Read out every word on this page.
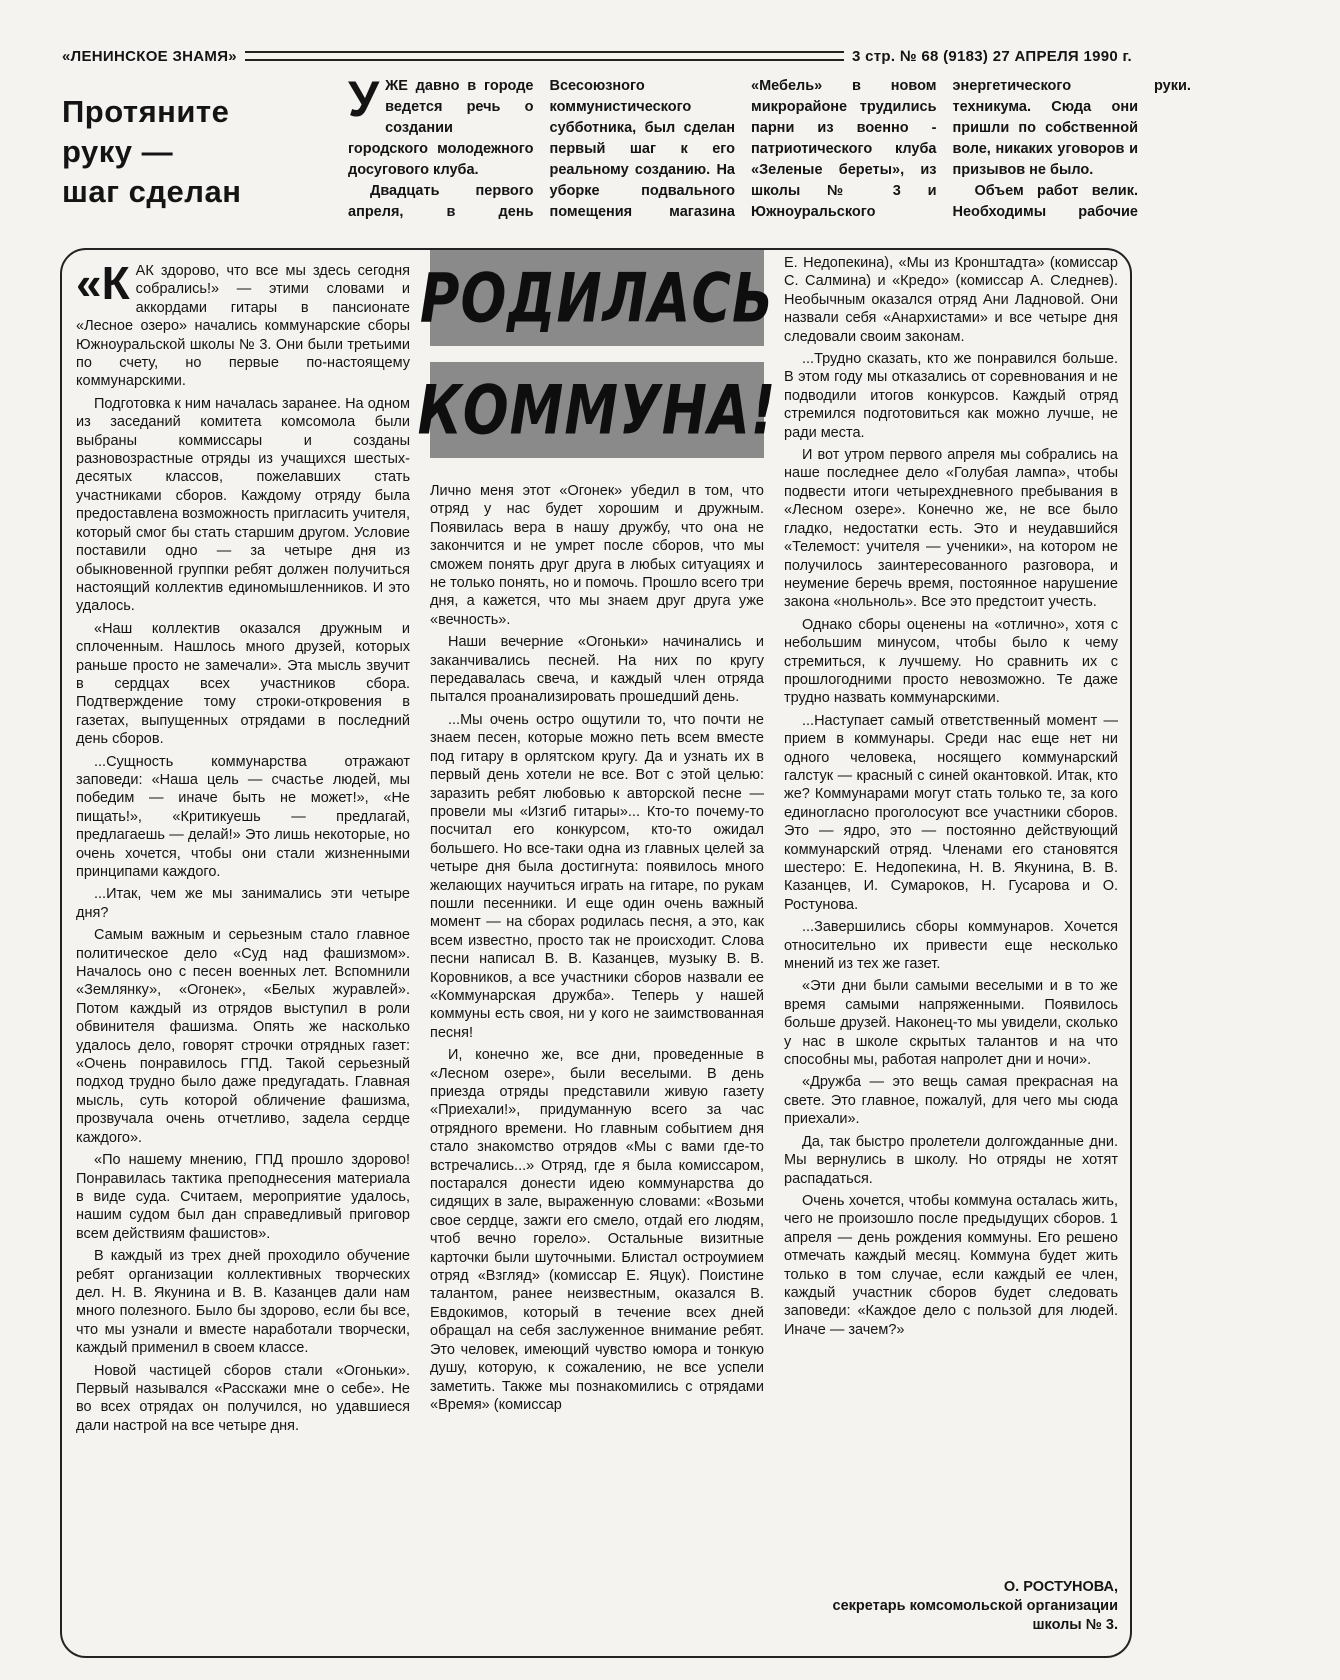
«ЛЕНИНСКОЕ ЗНАМЯ»	3 стр. № 68 (9183) 27 АПРЕЛЯ 1990 г.
Протяните
руку —
шаг сделан

УЖЕ давно в городе ведется речь о создании городского молодежного досугового клуба.

Двадцать первого апреля, в день Всесоюзного коммунистического субботника, был сделан первый шаг к его реальному созданию. На уборке подвального помещения магазина «Мебель» в новом микрорайоне трудились парни из военно - патриотического клуба «Зеленые береты», из школы № 3 и Южноуральского энергетического техникума. Сюда они пришли по собственной воле, никаких уговоров и призывов не было.

Объем работ велик. Необходимы рабочие руки.

РОДИЛАСЬ
КОММУНА!

«КАК здорово, что все мы здесь сегодня собрались!» — этими словами и аккордами гитары в пансионате «Лесное озеро» начались коммунарские сборы Южноуральской школы № 3. Они были третьими по счету, но первые по-настоящему коммунарскими.

Подготовка к ним началась заранее. На одном из заседаний комитета комсомола были выбраны коммиссары и созданы разновозрастные отряды из учащихся шестых-десятых классов, пожелавших стать участниками сборов. Каждому отряду была предоставлена возможность пригласить учителя, который смог бы стать старшим другом. Условие поставили одно — за четыре дня из обыкновенной группки ребят должен получиться настоящий коллектив единомышленников. И это удалось.

«Наш коллектив оказался дружным и сплоченным. Нашлось много друзей, которых раньше просто не замечали». Эта мысль звучит в сердцах всех участников сбора. Подтверждение тому строки-откровения в газетах, выпущенных отрядами в последний день сборов.

...Сущность коммунарства отражают заповеди: «Наша цель — счастье людей, мы победим — иначе быть не может!», «Не пищать!», «Критикуешь — предлагай, предлагаешь — делай!» Это лишь некоторые, но очень хочется, чтобы они стали жизненными принципами каждого.

...Итак, чем же мы занимались эти четыре дня?

Самым важным и серьезным стало главное политическое дело «Суд над фашизмом». Началось оно с песен военных лет. Вспомнили «Землянку», «Огонек», «Белых журавлей». Потом каждый из отрядов выступил в роли обвинителя фашизма. Опять же насколько удалось дело, говорят строчки отрядных газет: «Очень понравилось ГПД. Такой серьезный подход трудно было даже предугадать. Главная мысль, суть которой обличение фашизма, прозвучала очень отчетливо, задела сердце каждого».

«По нашему мнению, ГПД прошло здорово! Понравилась тактика преподнесения материала в виде суда. Считаем, мероприятие удалось, нашим судом был дан справедливый приговор всем действиям фашистов».

В каждый из трех дней проходило обучение ребят организации коллективных творческих дел. Н. В. Якунина и В. В. Казанцев дали нам много полезного. Было бы здорово, если бы все, что мы узнали и вместе наработали творчески, каждый применил в своем классе.

Новой частицей сборов стали «Огоньки». Первый назывался «Расскажи мне о себе». Не во всех отрядах он получился, но удавшиеся дали настрой на все четыре дня.

Лично меня этот «Огонек» убедил в том, что отряд у нас будет хорошим и дружным. Появилась вера в нашу дружбу, что она не закончится и не умрет после сборов, что мы сможем понять друг друга в любых ситуациях и не только понять, но и помочь. Прошло всего три дня, а кажется, что мы знаем друг друга уже «вечность».

Наши вечерние «Огоньки» начинались и заканчивались песней. На них по кругу передавалась свеча, и каждый член отряда пытался проанализировать прошедший день.

...Мы очень остро ощутили то, что почти не знаем песен, которые можно петь всем вместе под гитару в орлятском кругу. Да и узнать их в первый день хотели не все. Вот с этой целью: заразить ребят любовью к авторской песне — провели мы «Изгиб гитары»... Кто-то почему-то посчитал его конкурсом, кто-то ожидал большего. Но все-таки одна из главных целей за четыре дня была достигнута: появилось много желающих научиться играть на гитаре, по рукам пошли песенники. И еще один очень важный момент — на сборах родилась песня, а это, как всем известно, просто так не происходит. Слова песни написал В. В. Казанцев, музыку В. В. Коровников, а все участники сборов назвали ее «Коммунарская дружба». Теперь у нашей коммуны есть своя, ни у кого не заимствованная песня!

И, конечно же, все дни, проведенные в «Лесном озере», были веселыми. В день приезда отряды представили живую газету «Приехали!», придуманную всего за час отрядного времени. Но главным событием дня стало знакомство отрядов «Мы с вами где-то встречались...» Отряд, где я была комиссаром, постарался донести идею коммунарства до сидящих в зале, выраженную словами: «Возьми свое сердце, зажги его смело, отдай его людям, чтоб вечно горело». Остальные визитные карточки были шуточными. Блистал остроумием отряд «Взгляд» (комиссар Е. Яцук). Поистине талантом, ранее неизвестным, оказался В. Евдокимов, который в течение всех дней обращал на себя заслуженное внимание ребят. Это человек, имеющий чувство юмора и тонкую душу, которую, к сожалению, не все успели заметить. Также мы познакомились с отрядами «Время» (комиссар

Е. Недопекина), «Мы из Кронштадта» (комиссар С. Салмина) и «Кредо» (комиссар А. Следнев). Необычным оказался отряд Ани Ладновой. Они назвали себя «Анархистами» и все четыре дня следовали своим законам.

...Трудно сказать, кто же понравился больше. В этом году мы отказались от соревнования и не подводили итогов конкурсов. Каждый отряд стремился подготовиться как можно лучше, не ради места.

И вот утром первого апреля мы собрались на наше последнее дело «Голубая лампа», чтобы подвести итоги четырехдневного пребывания в «Лесном озере». Конечно же, не все было гладко, недостатки есть. Это и неудавшийся «Телемост: учителя — ученики», на котором не получилось заинтересованного разговора, и неумение беречь время, постоянное нарушение закона «нольноль». Все это предстоит учесть.

Однако сборы оценены на «отлично», хотя с небольшим минусом, чтобы было к чему стремиться, к лучшему. Но сравнить их с прошлогодними просто невозможно. Те даже трудно назвать коммунарскими.

...Наступает самый ответственный момент — прием в коммунары. Среди нас еще нет ни одного человека, носящего коммунарский галстук — красный с синей окантовкой. Итак, кто же? Коммунарами могут стать только те, за кого единогласно проголосуют все участники сборов. Это — ядро, это — постоянно действующий коммунарский отряд. Членами его становятся шестеро: Е. Недопекина, Н. В. Якунина, В. В. Казанцев, И. Сумароков, Н. Гусарова и О. Ростунова.

...Завершились сборы коммунаров. Хочется относительно их привести еще несколько мнений из тех же газет.

«Эти дни были самыми веселыми и в то же время самыми напряженными. Появилось больше друзей. Наконец-то мы увидели, сколько у нас в школе скрытых талантов и на что способны мы, работая напролет дни и ночи».

«Дружба — это вещь самая прекрасная на свете. Это главное, пожалуй, для чего мы сюда приехали».

Да, так быстро пролетели долгожданные дни. Мы вернулись в школу. Но отряды не хотят распадаться.

Очень хочется, чтобы коммуна осталась жить, чего не произошло после предыдущих сборов. 1 апреля — день рождения коммуны. Его решено отмечать каждый месяц. Коммуна будет жить только в том случае, если каждый ее член, каждый участник сборов будет следовать заповеди: «Каждое дело с пользой для людей. Иначе — зачем?»

О. РОСТУНОВА,
секретарь комсомольской организации школы № 3.
